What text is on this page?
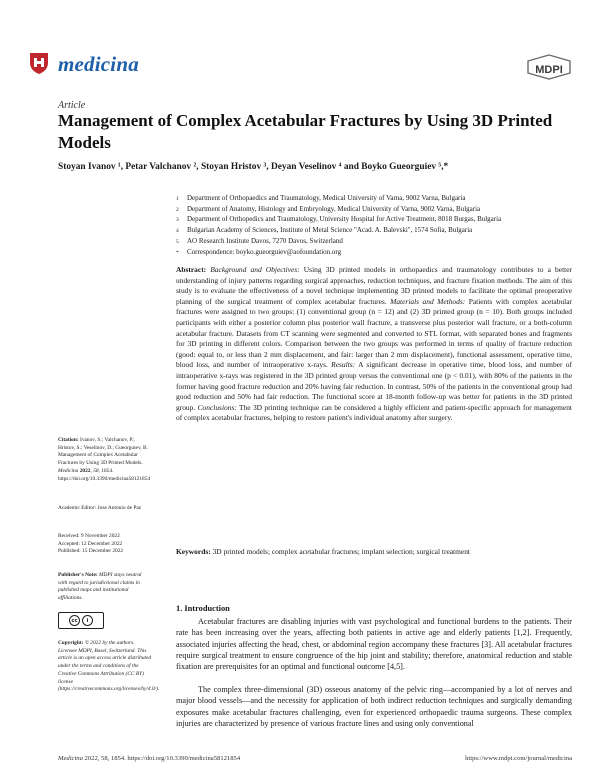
medicina	MDPI
Article
Management of Complex Acetabular Fractures by Using 3D Printed Models
Stoyan Ivanov ¹, Petar Valchanov ², Stoyan Hristov ³, Deyan Veselinov ⁴ and Boyko Gueorguiev ⁵,*
1	Department of Orthopaedics and Traumatology, Medical University of Varna, 9002 Varna, Bulgaria
2	Department of Anatomy, Histology and Embryology, Medical University of Varna, 9002 Varna, Bulgaria
3	Department of Orthopedics and Traumatology, University Hospital for Active Treatment, 8018 Burgas, Bulgaria
4	Bulgarian Academy of Sciences, Institute of Metal Science "Acad. A. Balevski", 1574 Sofia, Bulgaria
5	AO Research Institute Davos, 7270 Davos, Switzerland
*	Correspondence: boyko.gueorguiev@aofoundation.org
Abstract: Background and Objectives: Using 3D printed models in orthopaedics and traumatology contributes to a better understanding of injury patterns regarding surgical approaches, reduction techniques, and fracture fixation methods. The aim of this study is to evaluate the effectiveness of a novel technique implementing 3D printed models to facilitate the optimal preoperative planning of the surgical treatment of complex acetabular fractures. Materials and Methods: Patients with complex acetabular fractures were assigned to two groups: (1) conventional group (n = 12) and (2) 3D printed group (n = 10). Both groups included participants with either a posterior column plus posterior wall fracture, a transverse plus posterior wall fracture, or a both-column acetabular fracture. Datasets from CT scanning were segmented and converted to STL format, with separated bones and fragments for 3D printing in different colors. Comparison between the two groups was performed in terms of quality of fracture reduction (good: equal to, or less than 2 mm displacement, and fair: larger than 2 mm displacement), functional assessment, operative time, blood loss, and number of intraoperative x-rays. Results: A significant decrease in operative time, blood loss, and number of intraoperative x-rays was registered in the 3D printed group versus the conventional one (p < 0.01), with 80% of the patients in the former having good fracture reduction and 20% having fair reduction. In contrast, 50% of the patients in the conventional group had good reduction and 50% had fair reduction. The functional score at 18-month follow-up was better for patients in the 3D printed group. Conclusions: The 3D printing technique can be considered a highly efficient and patient-specific approach for management of complex acetabular fractures, helping to restore patient's individual anatomy after surgery.
Keywords: 3D printed models; complex acetabular fractures; implant selection; surgical treatment
Citation: Ivanov, S.; Valchanov, P.; Hristov, S.; Veselinov, D.; Gueorguiev, B. Management of Complex Acetabular Fractures by Using 3D Printed Models. Medicina 2022, 58, 1854. https://doi.org/10.3390/medicina58121854
Academic Editor: Jose Antonio de Paz
Received: 9 November 2022
Accepted: 12 December 2022
Published: 15 December 2022
Publisher's Note: MDPI stays neutral with regard to jurisdictional claims in published maps and institutional affiliations.
cc	i
Copyright: © 2022 by the authors. Licensee MDPI, Basel, Switzerland. This article is an open access article distributed under the terms and conditions of the Creative Commons Attribution (CC BY) license (https://creativecommons.org/licenses/by/4.0/).
1. Introduction
Acetabular fractures are disabling injuries with vast psychological and functional burdens to the patients. Their rate has been increasing over the years, affecting both patients in active age and elderly patients [1,2]. Frequently, associated injuries affecting the head, chest, or abdominal region accompany these fractures [3]. All acetabular fractures require surgical treatment to ensure congruence of the hip joint and stability; therefore, anatomical reduction and stable fixation are prerequisites for an optimal and functional outcome [4,5].
The complex three-dimensional (3D) osseous anatomy of the pelvic ring—accompanied by a lot of nerves and major blood vessels—and the necessity for application of both indirect reduction techniques and surgically demanding exposures make acetabular fractures challenging, even for experienced orthopaedic trauma surgeons. These complex injuries are characterized by presence of various fracture lines and using only conventional
Medicina 2022, 58, 1854. https://doi.org/10.3390/medicina58121854	https://www.mdpi.com/journal/medicina
